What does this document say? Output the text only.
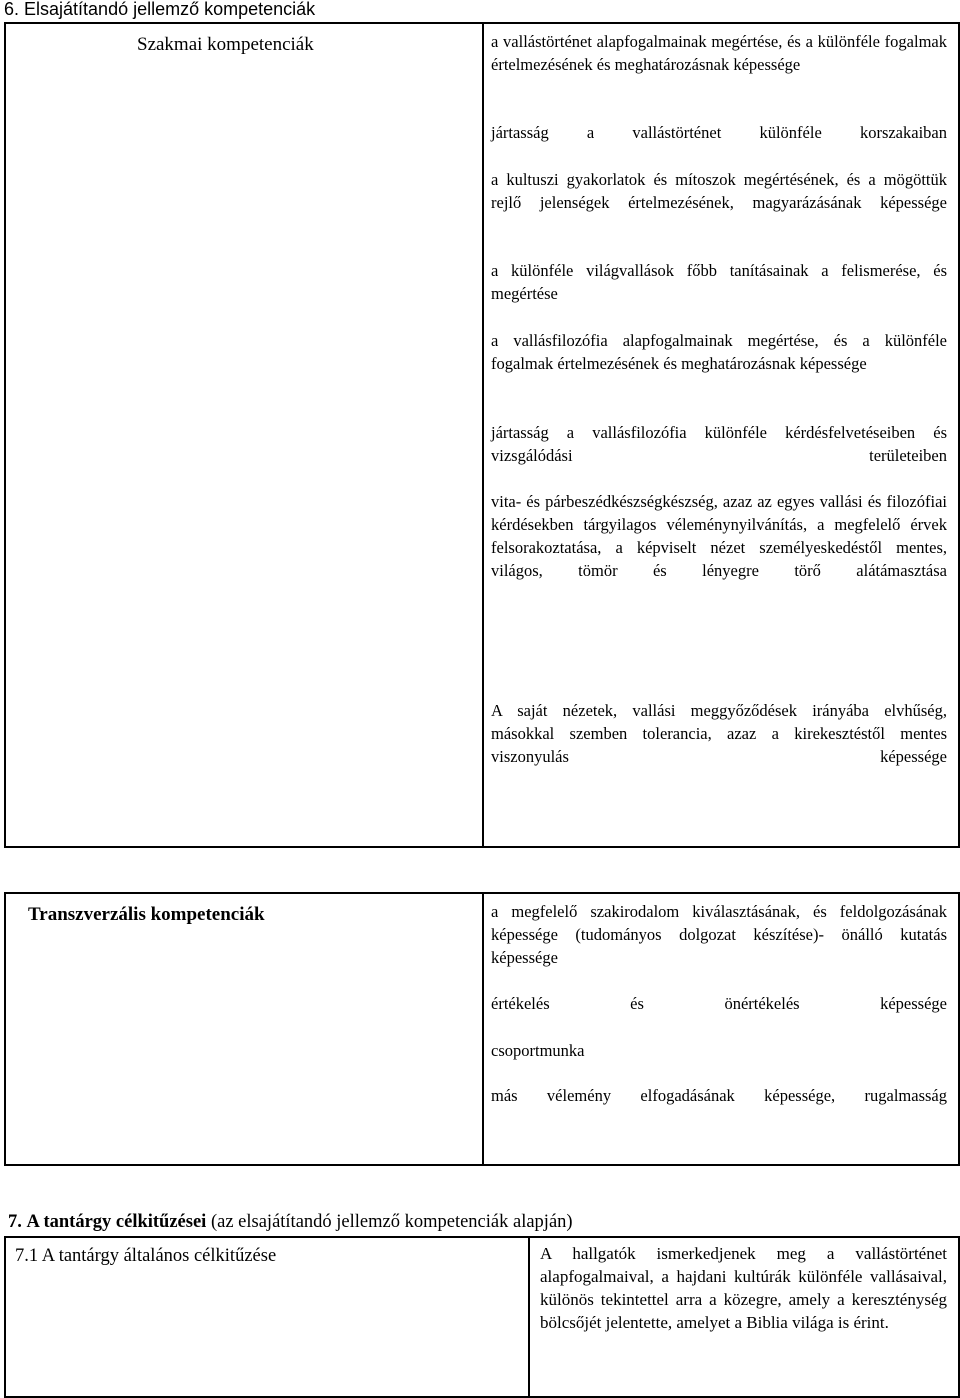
6. Elsajátítandó jellemző kompetenciák
Szakmai kompetenciák	a vallástörténet alapfogalmainak megértése, és a különféle fogalmak értelmezésének és meghatározásnak képessége
jártasság a vallástörténet különféle korszakaiban
a kultuszi gyakorlatok és mítoszok megértésének, és a mögöttük rejlő jelenségek értelmezésének, magyarázásának képessége
a különféle világvallások főbb tanításainak a felismerése, és megértése
a vallásfilozófia alapfogalmainak megértése, és a különféle fogalmak értelmezésének és meghatározásnak képessége
jártasság a vallásfilozófia különféle kérdésfelvetéseiben és vizsgálódási területeiben
vita- és párbeszédkészségkészség, azaz az egyes vallási és filozófiai kérdésekben tárgyilagos véleménynyilvánítás, a megfelelő érvek felsorakoztatása, a képviselt nézet személyeskedéstől mentes, világos, tömör és lényegre törő alátámasztása
A saját nézetek, vallási meggyőződések irányába elvhűség, másokkal szemben tolerancia, azaz a kirekesztéstől mentes viszonyulás képessége
Transzverzális kompetenciák	a megfelelő szakirodalom kiválasztásának, és feldolgozásának képessége (tudományos dolgozat készítése)- önálló kutatás képessége
értékelés és önértékelés képessége
csoportmunka
más vélemény elfogadásának képessége, rugalmasság
7. A tantárgy célkitűzései (az elsajátítandó jellemző kompetenciák alapján)
7.1 A tantárgy általános célkitűzése	A hallgatók ismerkedjenek meg a vallástörténet alapfogalmaival, a hajdani kultúrák különféle vallásaival, különös tekintettel arra a közegre, amely a kereszténység bölcsőjét jelentette, amelyet a Biblia világa is érint.
